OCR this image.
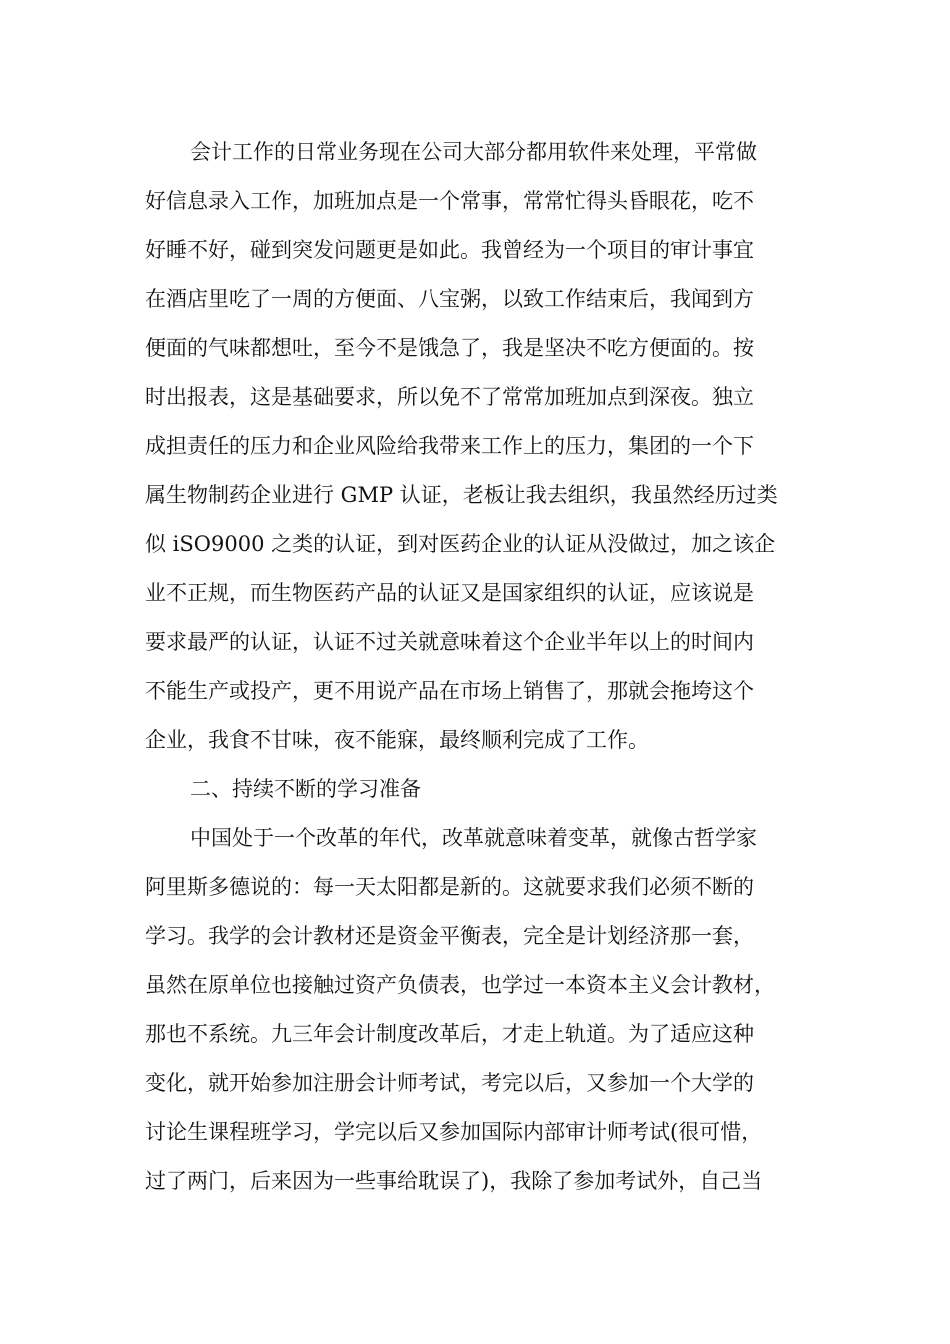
会计工作的日常业务现在公司大部分都用软件来处理，平常做
好信息录入工作，加班加点是一个常事，常常忙得头昏眼花，吃不
好睡不好，碰到突发问题更是如此。我曾经为一个项目的审计事宜
在酒店里吃了一周的方便面、八宝粥，以致工作结束后，我闻到方
便面的气味都想吐，至今不是饿急了，我是坚决不吃方便面的。按
时出报表，这是基础要求，所以免不了常常加班加点到深夜。独立
成担责任的压力和企业风险给我带来工作上的压力，集团的一个下
属生物制药企业进行 GMP 认证，老板让我去组织，我虽然经历过类
似 iSO9000 之类的认证，到对医药企业的认证从没做过，加之该企
业不正规，而生物医药产品的认证又是国家组织的认证，应该说是
要求最严的认证，认证不过关就意味着这个企业半年以上的时间内
不能生产或投产，更不用说产品在市场上销售了，那就会拖垮这个
企业，我食不甘味，夜不能寐，最终顺利完成了工作。
二、持续不断的学习准备
中国处于一个改革的年代，改革就意味着变革，就像古哲学家
阿里斯多德说的：每一天太阳都是新的。这就要求我们必须不断的
学习。我学的会计教材还是资金平衡表，完全是计划经济那一套，
虽然在原单位也接触过资产负债表，也学过一本资本主义会计教材，
那也不系统。九三年会计制度改革后，才走上轨道。为了适应这种
变化，就开始参加注册会计师考试，考完以后，又参加一个大学的
讨论生课程班学习，学完以后又参加国际内部审计师考试(很可惜，
过了两门，后来因为一些事给耽误了)，我除了参加考试外，自己当
